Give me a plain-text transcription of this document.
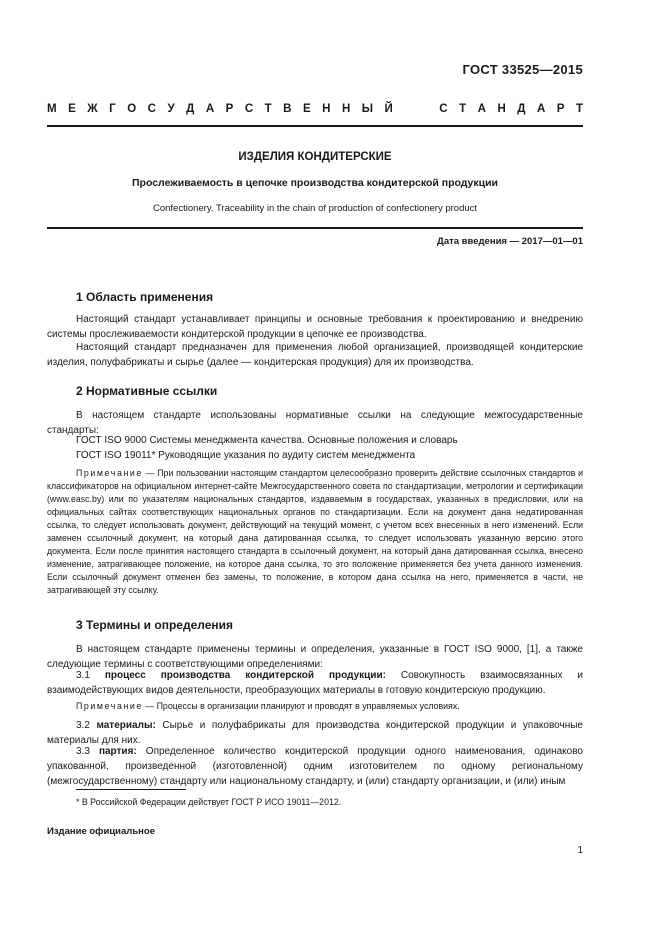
ГОСТ 33525—2015
М Е Ж Г О С У Д А Р С Т В Е Н Н Ы Й	С Т А Н Д А Р Т
ИЗДЕЛИЯ КОНДИТЕРСКИЕ
Прослеживаемость в цепочке производства кондитерской продукции
Confectionery. Traceability in the chain of production of confectionery product
Дата введения — 2017—01—01
1 Область применения

Настоящий стандарт устанавливает принципы и основные требования к проектированию и внедрению системы прослеживаемости кондитерской продукции в цепочке ее производства.

Настоящий стандарт предназначен для применения любой организацией, производящей кондитерские изделия, полуфабрикаты и сырье (далее — кондитерская продукция) для их производства.

2 Нормативные ссылки

В настоящем стандарте использованы нормативные ссылки на следующие межгосударственные стандарты:

ГОСТ ISO 9000 Системы менеджмента качества. Основные положения и словарь

ГОСТ ISO 19011* Руководящие указания по аудиту систем менеджмента

Примечание — При пользовании настоящим стандартом целесообразно проверить действие ссылочных стандартов и классификаторов на официальном интернет-сайте Межгосударственного совета по стандартизации, метрологии и сертификации (www.easc.by) или по указателям национальных стандартов, издаваемым в государствах, указанных в предисловии, или на официальных сайтах соответствующих национальных органов по стандартизации. Если на документ дана недатированная ссылка, то следует использовать документ, действующий на текущий момент, с учетом всех внесенных в него изменений. Если заменен ссылочный документ, на который дана датированная ссылка, то следует использовать указанную версию этого документа. Если после принятия настоящего стандарта в ссылочный документ, на который дана датированная ссылка, внесено изменение, затрагивающее положение, на которое дана ссылка, то это положение применяется без учета данного изменения. Если ссылочный документ отменен без замены, то положение, в котором дана ссылка на него, применяется в части, не затрагивающей эту ссылку.

3 Термины и определения

В настоящем стандарте применены термины и определения, указанные в ГОСТ ISO 9000, [1], а также следующие термины с соответствующими определениями:

3.1 процесс производства кондитерской продукции: Совокупность взаимосвязанных и взаимодействующих видов деятельности, преобразующих материалы в готовую кондитерскую продукцию.

Примечание — Процессы в организации планируют и проводят в управляемых условиях.

3.2 материалы: Сырье и полуфабрикаты для производства кондитерской продукции и упаковочные материалы для них.

3.3 партия: Определенное количество кондитерской продукции одного наименования, одинаково упакованной, произведенной (изготовленной) одним изготовителем по одному региональному (межгосударственному) стандарту или национальному стандарту, и (или) стандарту организации, и (или) иным

* В Российской Федерации действует ГОСТ Р ИСО 19011—2012.
Издание официальное
1
